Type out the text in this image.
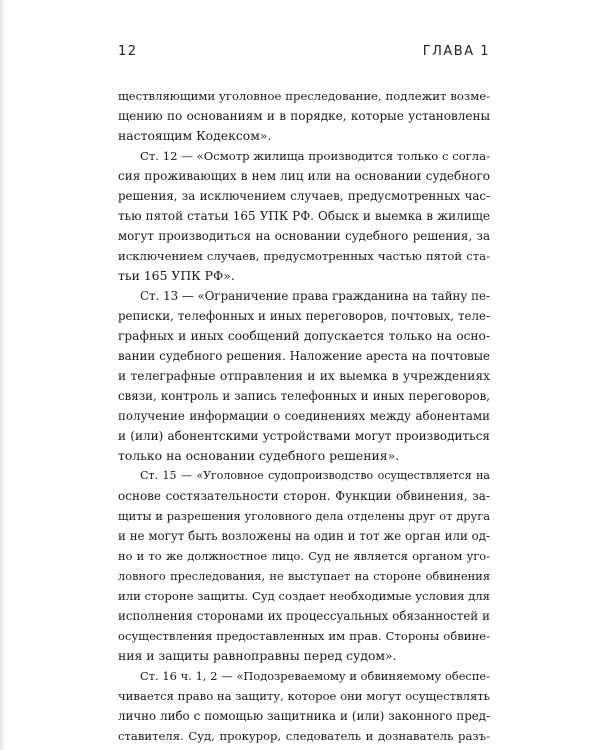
12	ГЛАВА 1
ществляющими уголовное преследование, подлежит возме-
щению по основаниям и в порядке, которые установлены
настоящим Кодексом».
Ст. 12 — «Осмотр жилища производится только с согла-
сия проживающих в нем лиц или на основании судебного
решения, за исключением случаев, предусмотренных час-
тью пятой статьи 165 УПК РФ. Обыск и выемка в жилище
могут производиться на основании судебного решения, за
исключением случаев, предусмотренных частью пятой ста-
тьи 165 УПК РФ».
Ст. 13 — «Ограничение права гражданина на тайну пе-
реписки, телефонных и иных переговоров, почтовых, теле-
графных и иных сообщений допускается только на осно-
вании судебного решения. Наложение ареста на почтовые
и телеграфные отправления и их выемка в учреждениях
связи, контроль и запись телефонных и иных переговоров,
получение информации о соединениях между абонентами
и (или) абонентскими устройствами могут производиться
только на основании судебного решения».
Ст. 15 — «Уголовное судопроизводство осуществляется на
основе состязательности сторон. Функции обвинения, за-
щиты и разрешения уголовного дела отделены друг от друга
и не могут быть возложены на один и тот же орган или од-
но и то же должностное лицо. Суд не является органом уго-
ловного преследования, не выступает на стороне обвинения
или стороне защиты. Суд создает необходимые условия для
исполнения сторонами их процессуальных обязанностей и
осуществления предоставленных им прав. Стороны обвине-
ния и защиты равноправны перед судом».
Ст. 16 ч. 1, 2 — «Подозреваемому и обвиняемому обеспе-
чивается право на защиту, которое они могут осуществлять
лично либо с помощью защитника и (или) законного пред-
ставителя. Суд, прокурор, следователь и дознаватель разъ-
